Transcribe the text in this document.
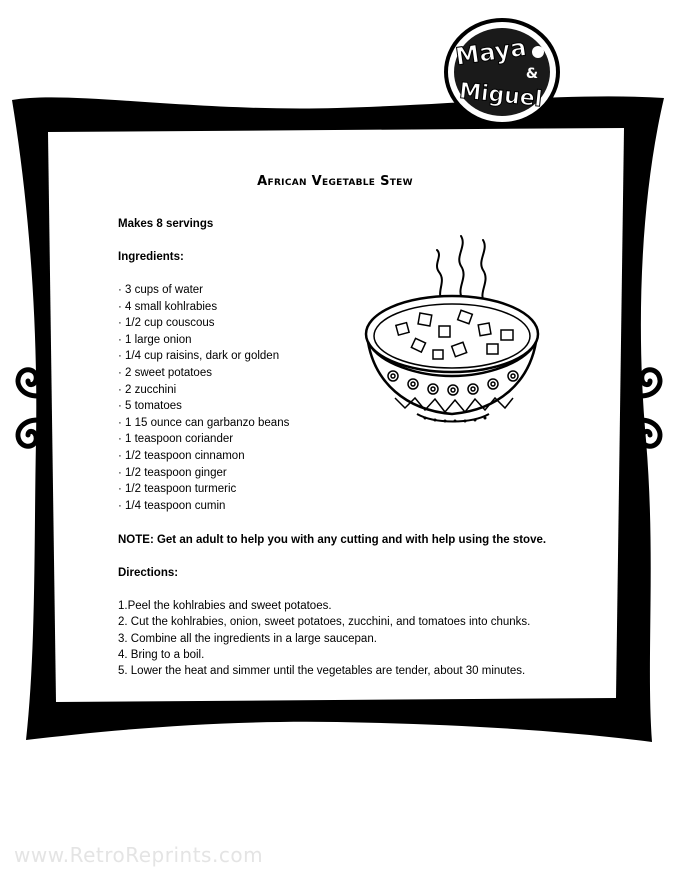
Maya
&
Miguel
TM
African Vegetable Stew
Makes 8 servings
Ingredients:
· 3 cups of water
· 4 small kohlrabies
· 1/2 cup couscous
· 1 large onion
· 1/4 cup raisins, dark or golden
· 2 sweet potatoes
· 2 zucchini
· 5 tomatoes
· 1 15 ounce can garbanzo beans
· 1 teaspoon coriander
· 1/2 teaspoon cinnamon
· 1/2 teaspoon ginger
· 1/2 teaspoon turmeric
· 1/4 teaspoon cumin
NOTE: Get an adult to help you with any cutting and with help using the stove.
Directions:
1.Peel the kohlrabies and sweet potatoes.
2. Cut the kohlrabies, onion, sweet potatoes, zucchini, and tomatoes into chunks.
3. Combine all the ingredients in a large saucepan.
4. Bring to a boil.
5. Lower the heat and simmer until the vegetables are tender, about 30 minutes.
www.RetroReprints.com
